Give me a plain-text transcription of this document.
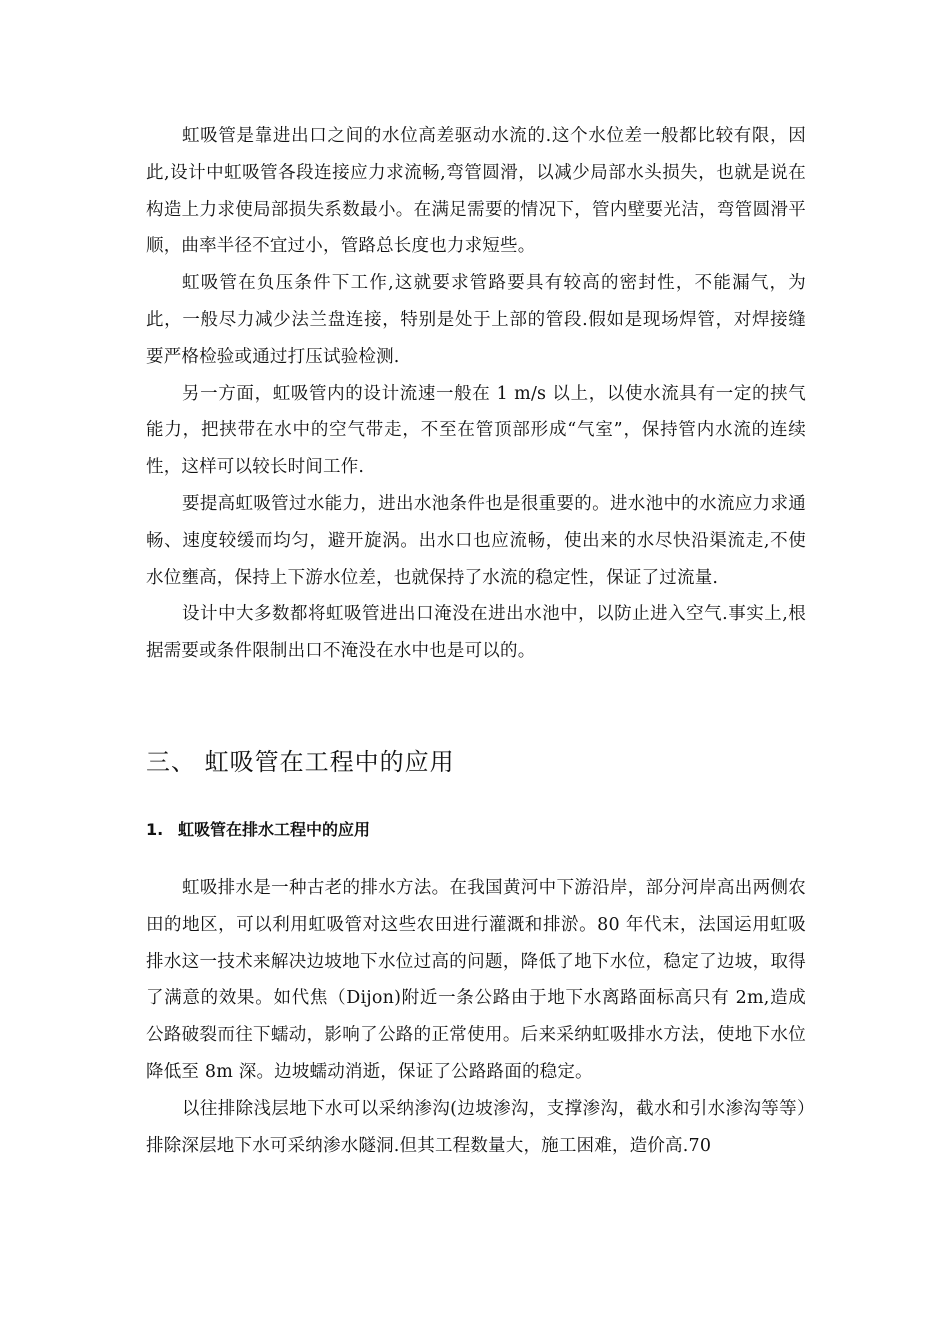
虹吸管是靠进出口之间的水位高差驱动水流的.这个水位差一般都比较有限，因此,设计中虹吸管各段连接应力求流畅,弯管圆滑，以减少局部水头损失，也就是说在构造上力求使局部损失系数最小。在满足需要的情况下，管内壁要光洁，弯管圆滑平顺，曲率半径不宜过小，管路总长度也力求短些。

虹吸管在负压条件下工作,这就要求管路要具有较高的密封性，不能漏气，为此，一般尽力减少法兰盘连接，特别是处于上部的管段.假如是现场焊管，对焊接缝要严格检验或通过打压试验检测.

另一方面，虹吸管内的设计流速一般在 1 m/s 以上，以使水流具有一定的挟气能力，把挟带在水中的空气带走，不至在管顶部形成“气室”，保持管内水流的连续性，这样可以较长时间工作.

要提高虹吸管过水能力，进出水池条件也是很重要的。进水池中的水流应力求通畅、速度较缓而均匀，避开旋涡。出水口也应流畅，使出来的水尽快沿渠流走,不使水位壅高，保持上下游水位差，也就保持了水流的稳定性，保证了过流量.

设计中大多数都将虹吸管进出口淹没在进出水池中，以防止进入空气.事实上,根据需要或条件限制出口不淹没在水中也是可以的。

三、 虹吸管在工程中的应用
1. 虹吸管在排水工程中的应用

虹吸排水是一种古老的排水方法。在我国黄河中下游沿岸，部分河岸高出两侧农田的地区，可以利用虹吸管对这些农田进行灌溉和排淤。80 年代末，法国运用虹吸排水这一技术来解决边坡地下水位过高的问题，降低了地下水位，稳定了边坡，取得了满意的效果。如代焦（Dijon)附近一条公路由于地下水离路面标高只有 2m,造成公路破裂而往下蠕动，影响了公路的正常使用。后来采纳虹吸排水方法，使地下水位降低至 8m 深。边坡蠕动消逝，保证了公路路面的稳定。

以往排除浅层地下水可以采纳渗沟(边坡渗沟，支撑渗沟，截水和引水渗沟等等）排除深层地下水可采纳渗水隧洞.但其工程数量大，施工困难，造价高.70
